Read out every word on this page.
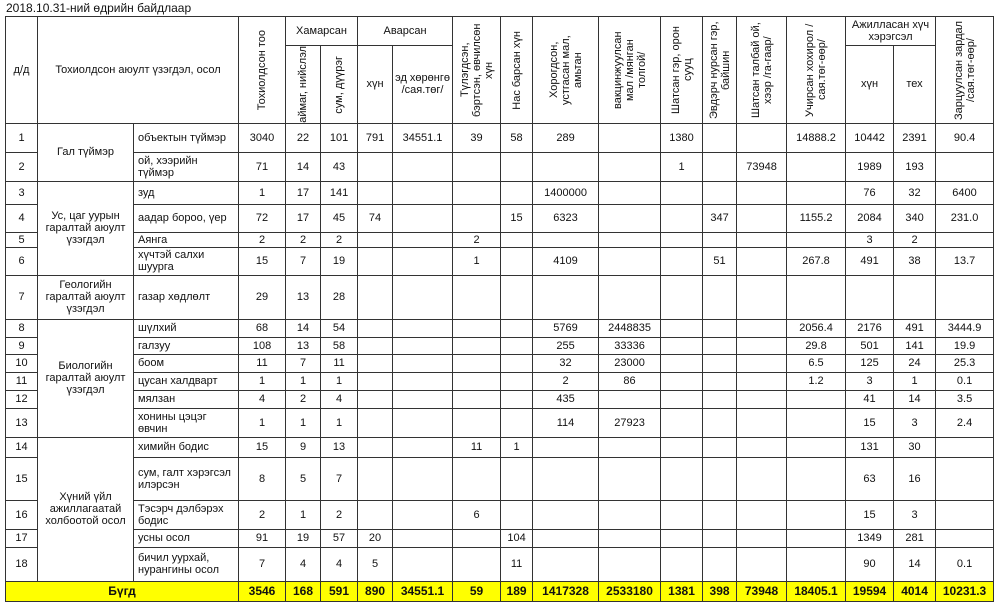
2018.10.31-ний өдрийн байдлаар
д/д	Тохиолдсон аюулт үзэгдэл, осол		Тохиолдсон тоо	Хамарсан		Аварсан		Түлэгдсэн, бэртсэн, өвчилсөн хүн	Нас барсан хүн	Хорогдсон, устгасан мал, амьтан	вакцинжуулсан мал /мянган толгой/	Шатсан гэр, орон сууц	Эвдэрч нурсан гэр, байшин	Шатсан талбай ой, хээр /га-гаар/	Учирсан хохирол /сая.төг-өөр/	Ажилласан хүч хэрэгсэл		Зарцуулсан зардал /сая.төг-өөр/

				аймаг, нийслэл	сум, дүүрэг	хүн	эд хөрөнгө /сая.төг/									хүн	тех	
1	Гал түймэр	объектын түймэр	3040	22	101	791	34551.1	39	58	289		1380			14888.2	10442	2391	90.4
2		ой, хээрийн түймэр	71	14	43							1		73948		1989	193	
3	Ус, цаг уурын гаралтай аюулт үзэгдэл	зуд	1	17	141					1400000						76	32	6400
4		аадар бороо, үер	72	17	45	74			15	6323			347		1155.2	2084	340	231.0
5		Аянга	2	2	2			2								3	2	
6		хүчтэй салхи шуурга	15	7	19			1		4109			51		267.8	491	38	13.7
7	Геологийн гаралтай аюулт үзэгдэл	газар хөдлөлт	29	13	28													
8	Биологийн гаралтай аюулт үзэгдэл	шүлхий	68	14	54					5769	2448835				2056.4	2176	491	3444.9
9		галзуу	108	13	58					255	33336				29.8	501	141	19.9
10		боом	11	7	11					32	23000				6.5	125	24	25.3
11		цусан халдварт	1	1	1					2	86				1.2	3	1	0.1
12		мялзан	4	2	4					435						41	14	3.5
13		хонины цэцэг өвчин	1	1	1					114	27923					15	3	2.4
14	Хүний үйл ажиллагаатай холбоотой осол	химийн бодис	15	9	13			11	1							131	30	
15		сум, галт хэрэгсэл илэрсэн	8	5	7											63	16	
16		Тэсэрч дэлбэрэх бодис	2	1	2			6								15	3	
17		усны осол	91	19	57	20			104							1349	281	
18		бичил уурхай, нурангины осол	7	4	4	5			11							90	14	0.1
Бүгд			3546	168	591	890	34551.1	59	189	1417328	2533180	1381	398	73948	18405.1	19594	4014	10231.3
